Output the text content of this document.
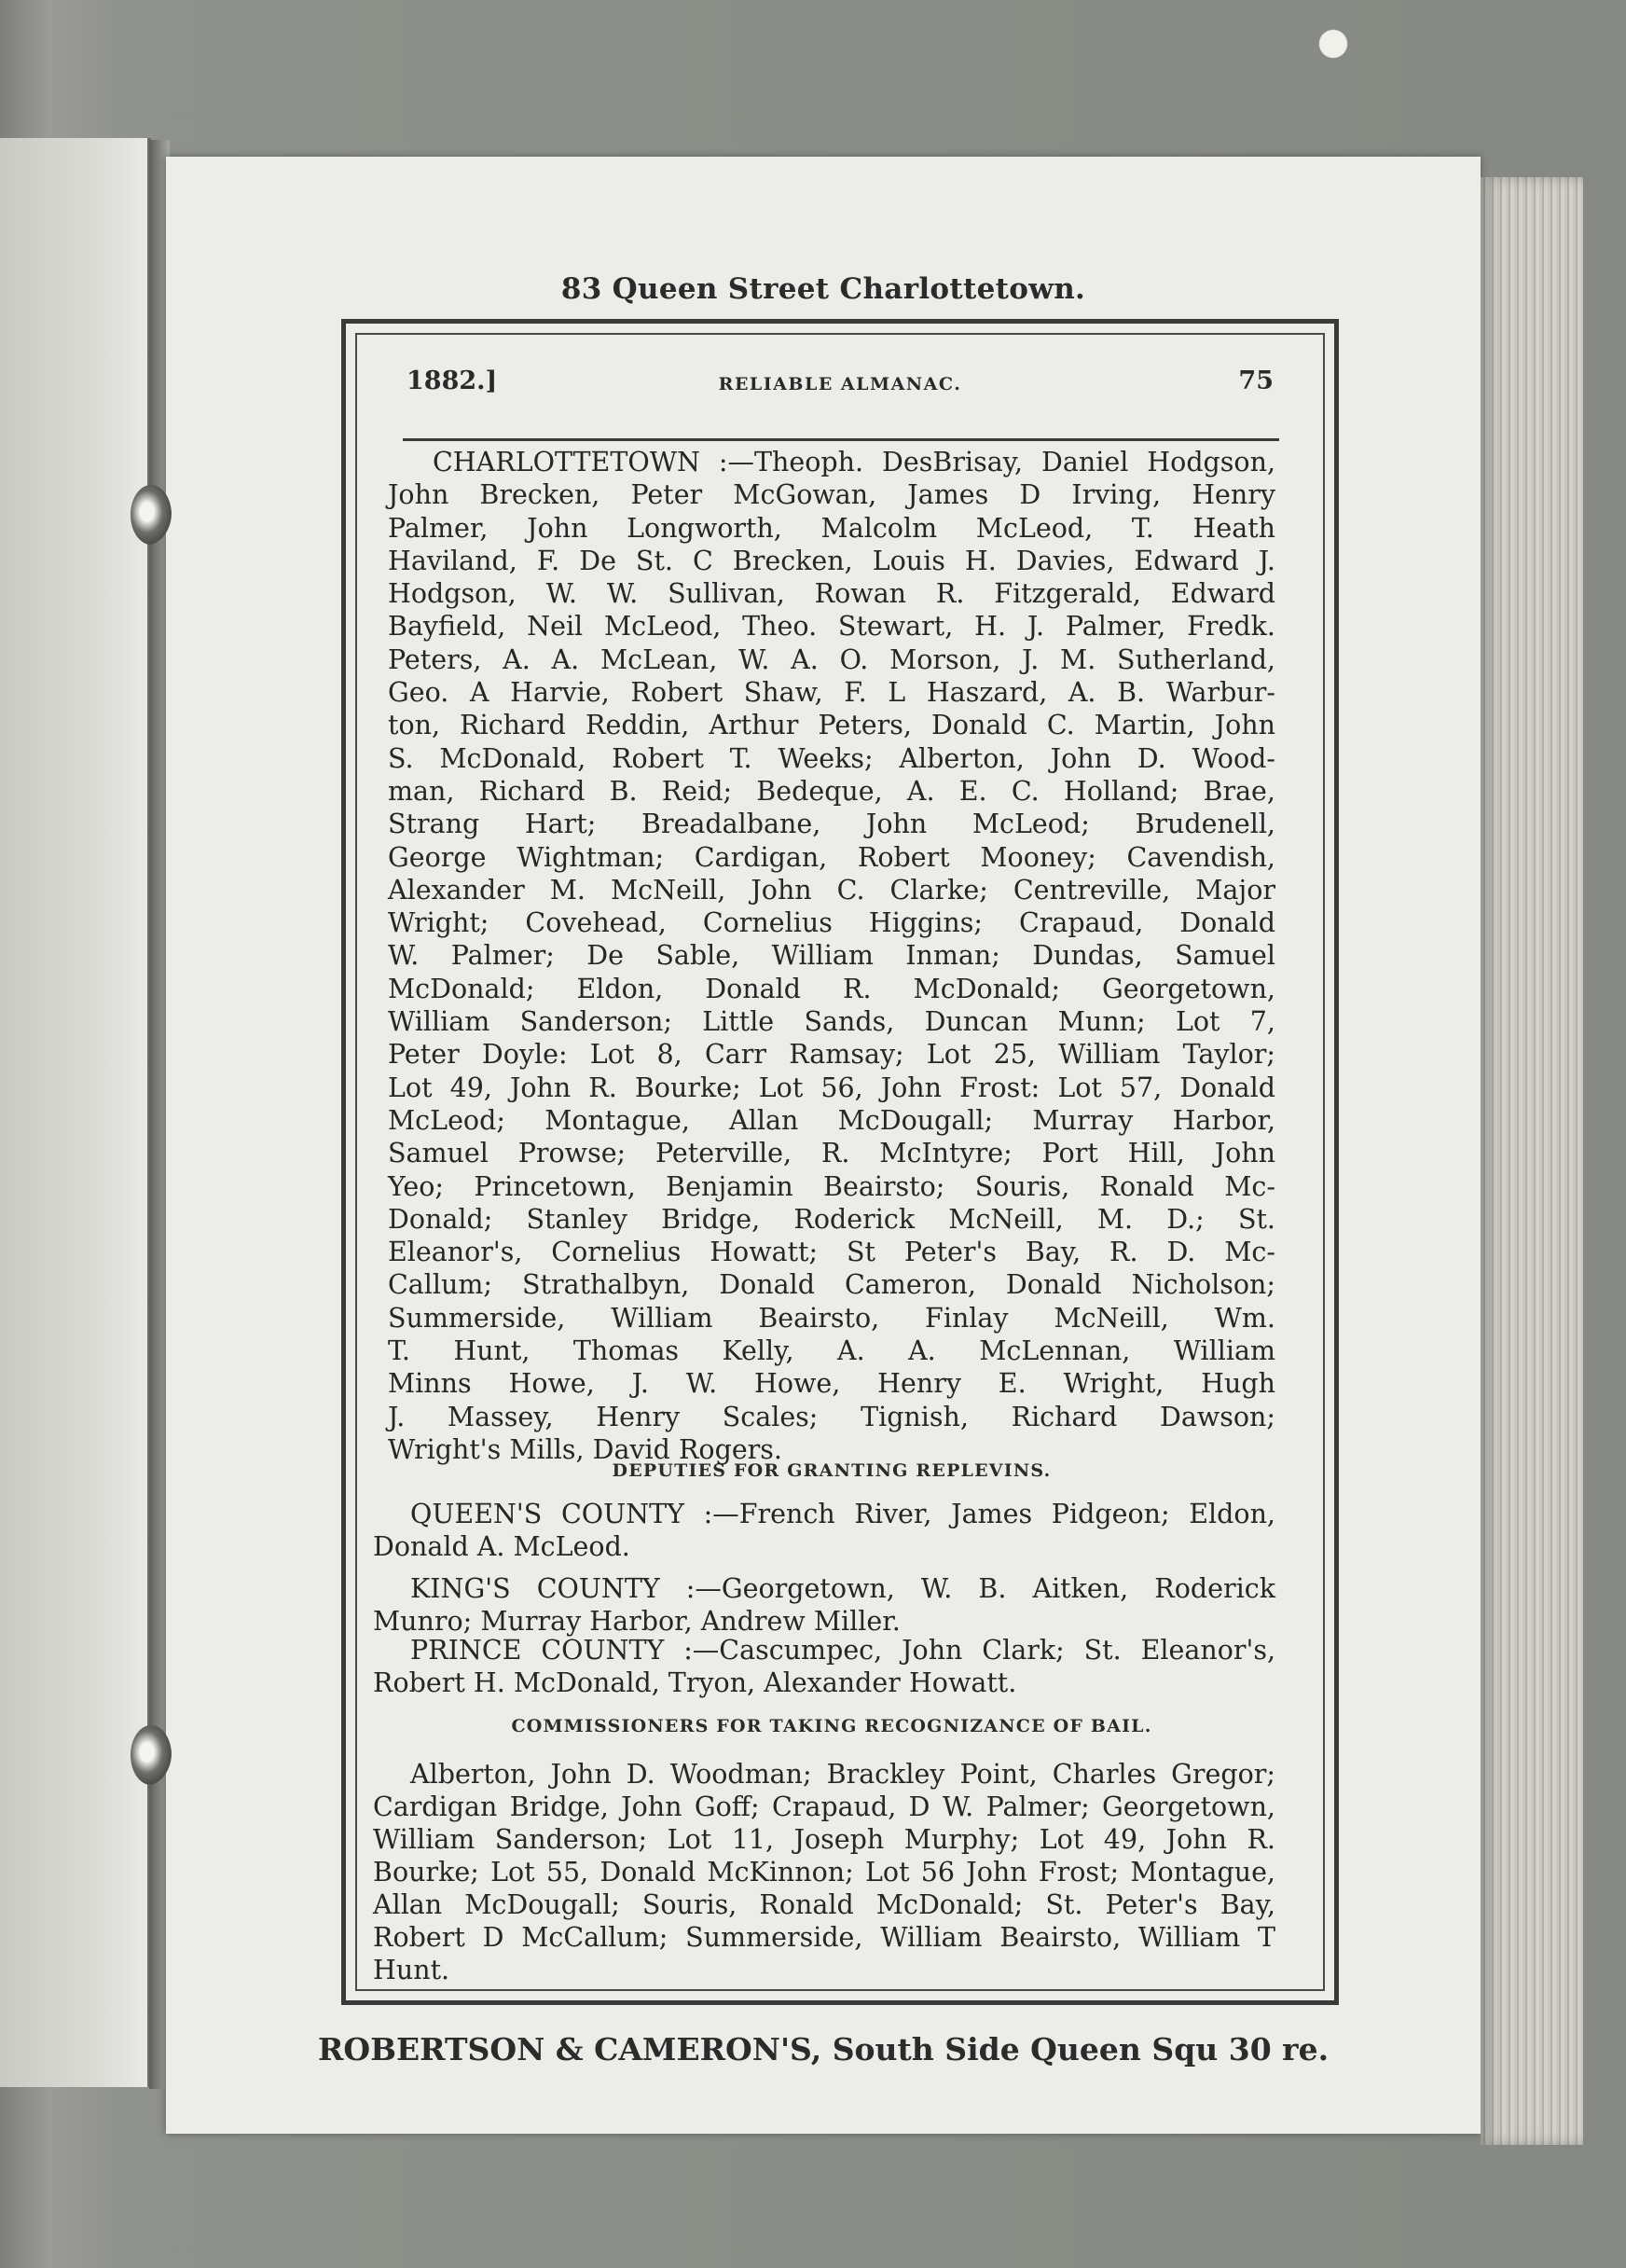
83 Queen Street Charlottetown.
1882.]	RELIABLE ALMANAC.	75
CHARLOTTETOWN :—Theoph. DesBrisay, Daniel Hodgson,
John Brecken, Peter McGowan, James D Irving, Henry
Palmer, John Longworth, Malcolm McLeod, T. Heath
Haviland, F. De St. C Brecken, Louis H. Davies, Edward J.
Hodgson, W. W. Sullivan, Rowan R. Fitzgerald, Edward
Bayfield, Neil McLeod, Theo. Stewart, H. J. Palmer, Fredk.
Peters, A. A. McLean, W. A. O. Morson, J. M. Sutherland,
Geo. A Harvie, Robert Shaw, F. L Haszard, A. B. Warbur-
ton, Richard Reddin, Arthur Peters, Donald C. Martin, John
S. McDonald, Robert T. Weeks; Alberton, John D. Wood-
man, Richard B. Reid; Bedeque, A. E. C. Holland; Brae,
Strang Hart; Breadalbane, John McLeod; Brudenell,
George Wightman; Cardigan, Robert Mooney; Cavendish,
Alexander M. McNeill, John C. Clarke; Centreville, Major
Wright; Covehead, Cornelius Higgins; Crapaud, Donald
W. Palmer; De Sable, William Inman; Dundas, Samuel
McDonald; Eldon, Donald R. McDonald; Georgetown,
William Sanderson; Little Sands, Duncan Munn; Lot 7,
Peter Doyle: Lot 8, Carr Ramsay; Lot 25, William Taylor;
Lot 49, John R. Bourke; Lot 56, John Frost: Lot 57, Donald
McLeod; Montague, Allan McDougall; Murray Harbor,
Samuel Prowse; Peterville, R. McIntyre; Port Hill, John
Yeo; Princetown, Benjamin Beairsto; Souris, Ronald Mc-
Donald; Stanley Bridge, Roderick McNeill, M. D.; St.
Eleanor's, Cornelius Howatt; St Peter's Bay, R. D. Mc-
Callum; Strathalbyn, Donald Cameron, Donald Nicholson;
Summerside, William Beairsto, Finlay McNeill, Wm.
T. Hunt, Thomas Kelly, A. A. McLennan, William
Minns Howe, J. W. Howe, Henry E. Wright, Hugh
J. Massey, Henry Scales; Tignish, Richard Dawson;
Wright's Mills, David Rogers.
DEPUTIES FOR GRANTING REPLEVINS.

QUEEN'S COUNTY :—French River, James Pidgeon; Eldon, Donald A. McLeod.

KING'S COUNTY :—Georgetown, W. B. Aitken, Roderick Munro; Murray Harbor, Andrew Miller.

PRINCE COUNTY :—Cascumpec, John Clark; St. Eleanor's, Robert H. McDonald, Tryon, Alexander Howatt.

COMMISSIONERS FOR TAKING RECOGNIZANCE OF BAIL.

Alberton, John D. Woodman; Brackley Point, Charles Gregor; Cardigan Bridge, John Goff; Crapaud, D W. Palmer; Georgetown, William Sanderson; Lot 11, Joseph Murphy; Lot 49, John R. Bourke; Lot 55, Donald McKinnon; Lot 56 John Frost; Montague, Allan McDougall; Souris, Ronald McDonald; St. Peter's Bay, Robert D McCallum; Summerside, William Beairsto, William T Hunt.

ROBERTSON & CAMERON'S, South Side Queen Squ 30 re.
